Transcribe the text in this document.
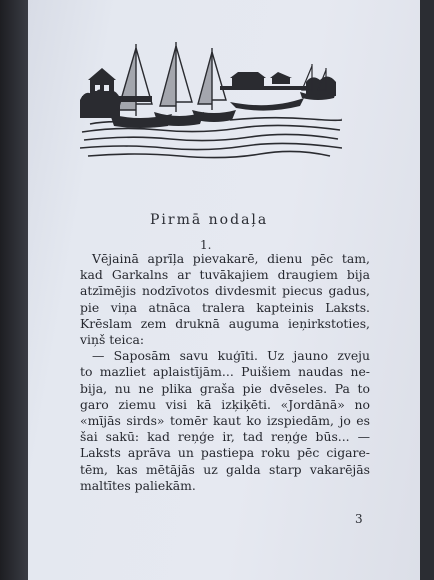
Pirmā nodaļa
1.
Vējainā aprīļa pievakarē, dienu pēc tam,
kad Garkalns ar tuvākajiem draugiem bija
atzīmējis nodzīvotos divdesmit piecus gadus,
pie viņa atnāca tralera kapteinis Laksts.
Krēslam zem druknā auguma ieņirkstoties,
viņš teica:
— Saposām savu kuģīti. Uz jauno zveju
to mazliet aplaistījām... Puišiem naudas ne-
bija, nu ne plika graša pie dvēseles. Pa to
garo ziemu visi kā izķiķēti. «Jordānā» no
«mījās sirds» tomēr kaut ko izspiedām, jo es
šai sakū: kad reņģe ir, tad reņģe būs... —
Laksts aprāva un pastiepa roku pēc cigare-
tēm, kas mētājās uz galda starp vakarējās
maltītes paliekām.
3
